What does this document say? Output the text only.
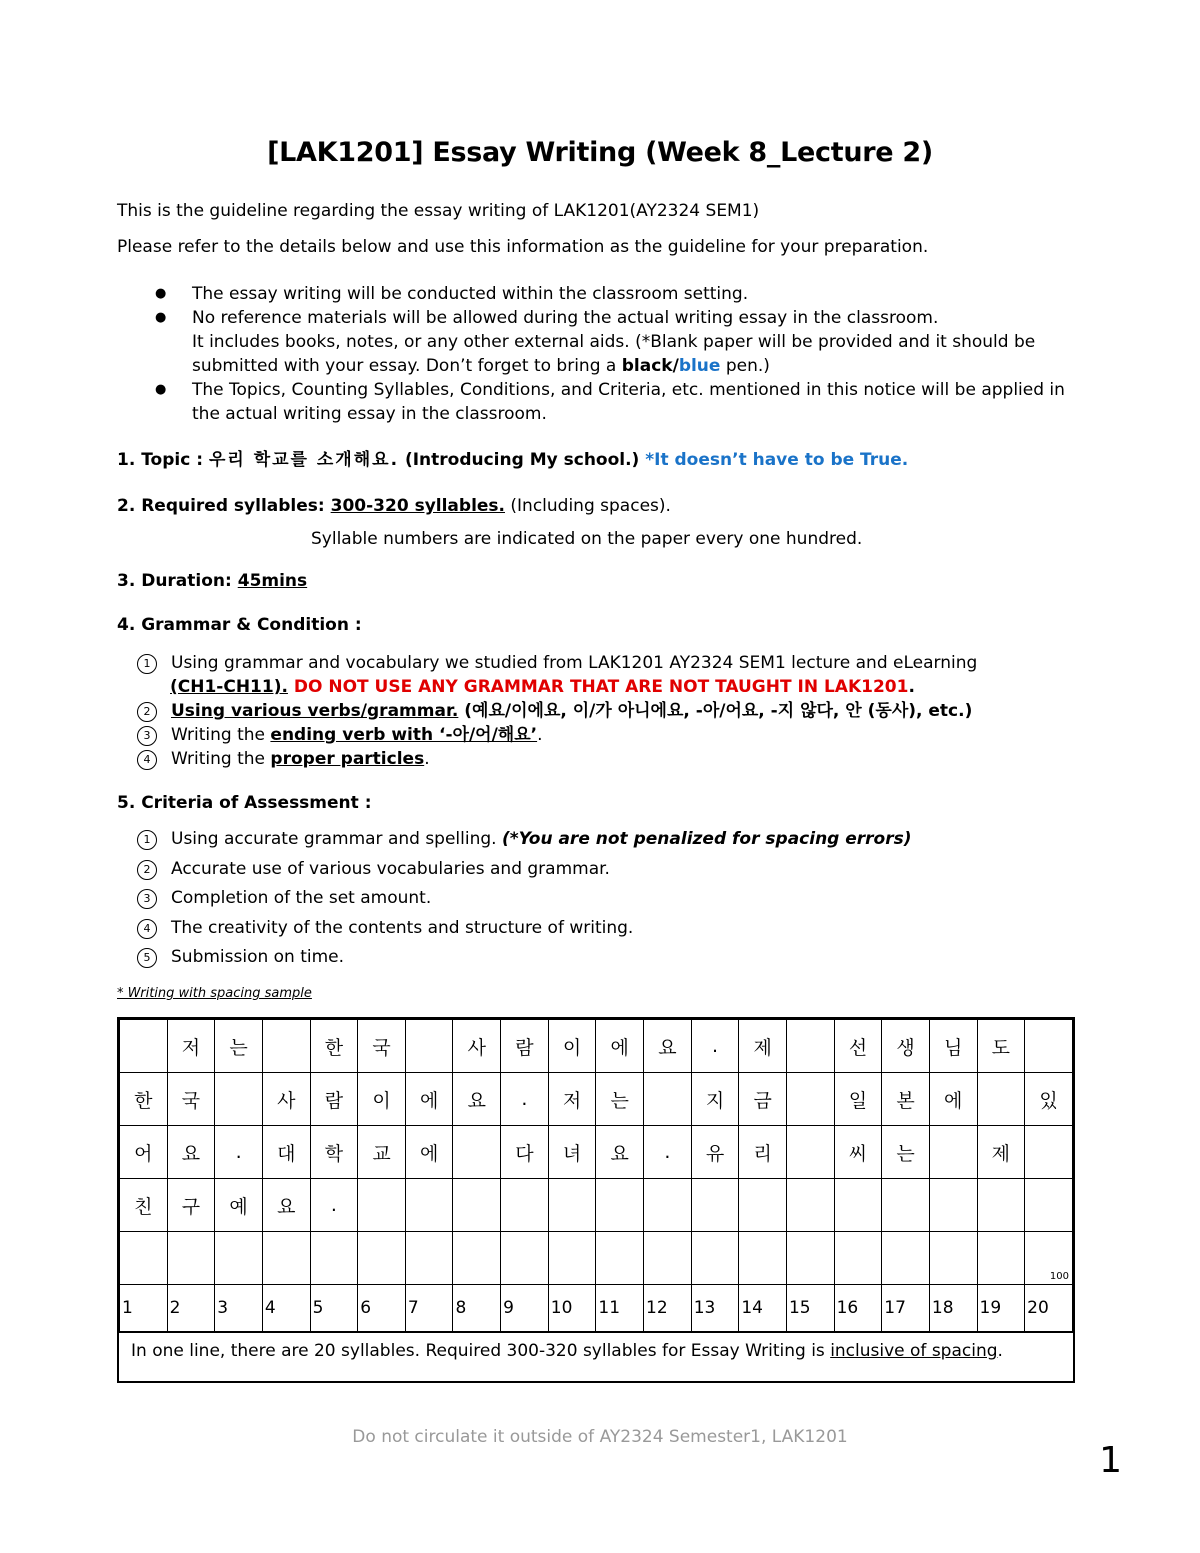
[LAK1201] Essay Writing (Week 8_Lecture 2)
This is the guideline regarding the essay writing of LAK1201(AY2324 SEM1)
Please refer to the details below and use this information as the guideline for your preparation.
● The essay writing will be conducted within the classroom setting.
● No reference materials will be allowed during the actual writing essay in the classroom.
It includes books, notes, or any other external aids. (*Blank paper will be provided and it should be submitted with your essay. Don’t forget to bring a black/blue pen.)
● The Topics, Counting Syllables, Conditions, and Criteria, etc. mentioned in this notice will be applied in the actual writing essay in the classroom.
1. Topic : 우리 학교를 소개해요. (Introducing My school.) *It doesn’t have to be True.
2. Required syllables: 300-320 syllables. (Including spaces).
Syllable numbers are indicated on the paper every one hundred.
3. Duration: 45mins
4. Grammar & Condition :
1 Using grammar and vocabulary we studied from LAK1201 AY2324 SEM1 lecture and eLearning
(CH1-CH11). DO NOT USE ANY GRAMMAR THAT ARE NOT TAUGHT IN LAK1201.
2 Using various verbs/grammar. (예요/이에요, 이/가 아니에요, -아/어요, -지 않다, 안 (동사), etc.)
3 Writing the ending verb with ‘-아/어/해요’.
4 Writing the proper particles.
5. Criteria of Assessment :
1 Using accurate grammar and spelling. (*You are not penalized for spacing errors)
2 Accurate use of various vocabularies and grammar.
3 Completion of the set amount.
4 The creativity of the contents and structure of writing.
5 Submission on time.
* Writing with spacing sample
	저	는		한	국		사	람	이	에	요	.	제		선	생	님	도	
한	국		사	람	이	에	요	.	저	는		지	금		일	본	에		있
어	요	.	대	학	교	에		다	녀	요	.	유	리		씨	는		제	
친	구	예	요	.															

																			100

1	2	3	4	5	6	7	8	9	10	11	12	13	14	15	16	17	18	19	20
In one line, there are 20 syllables. Required 300-320 syllables for Essay Writing is inclusive of spacing.
Do not circulate it outside of AY2324 Semester1, LAK1201
1
